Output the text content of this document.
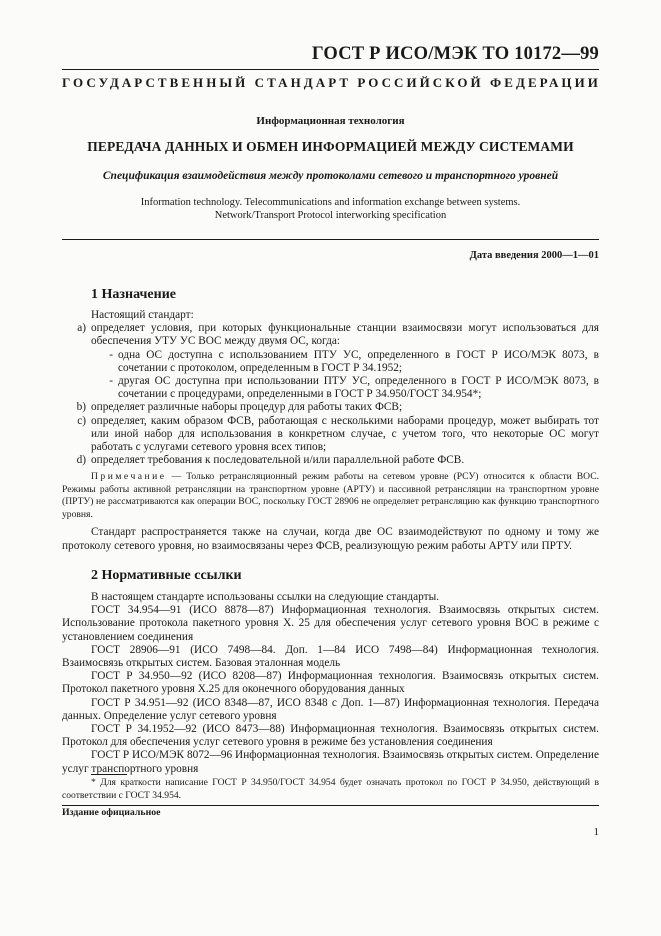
ГОСТ Р ИСО/МЭК ТО 10172—99
ГОСУДАРСТВЕННЫЙ СТАНДАРТ РОССИЙСКОЙ ФЕДЕРАЦИИ
Информационная технология
ПЕРЕДАЧА ДАННЫХ И ОБМЕН ИНФОРМАЦИЕЙ МЕЖДУ СИСТЕМАМИ
Спецификация взаимодействия между протоколами сетевого и транспортного уровней
Information technology. Telecommunications and information exchange between systems.
Network/Transport Protocol interworking specification
Дата введения 2000—1—01
1 Назначение

Настоящий стандарт:

а) определяет условия, при которых функциональные станции взаимосвязи могут использоваться для обеспечения УТУ УС ВОС между двумя ОС, когда:
- одна ОС доступна с использованием ПТУ УС, определенного в ГОСТ Р ИСО/МЭК 8073, в сочетании с протоколом, определенным в ГОСТ Р 34.1952;
- другая ОС доступна при использовании ПТУ УС, определенного в ГОСТ Р ИСО/МЭК 8073, в сочетании с процедурами, определенными в ГОСТ Р 34.950/ГОСТ 34.954*;
b) определяет различные наборы процедур для работы таких ФСВ;
c) определяет, каким образом ФСВ, работающая с несколькими наборами процедур, может выбирать тот или иной набор для использования в конкретном случае, с учетом того, что некоторые ОС могут работать с услугами сетевого уровня всех типов;
d) определяет требования к последовательной и/или параллельной работе ФСВ.

Примечание — Только ретрансляционный режим работы на сетевом уровне (РСУ) относится к области ВОС. Режимы работы активной ретрансляции на транспортном уровне (АРТУ) и пассивной ретрансляции на транспортном уровне (ПРТУ) не рассматриваются как операции ВОС, поскольку ГОСТ 28906 не определяет ретрансляцию как функцию транспортного уровня.

Стандарт распространяется также на случаи, когда две ОС взаимодействуют по одному и тому же протоколу сетевого уровня, но взаимосвязаны через ФСВ, реализующую режим работы АРТУ или ПРТУ.

2 Нормативные ссылки

В настоящем стандарте использованы ссылки на следующие стандарты.

ГОСТ 34.954—91 (ИСО 8878—87) Информационная технология. Взаимосвязь открытых систем. Использование протокола пакетного уровня X. 25 для обеспечения услуг сетевого уровня ВОС в режиме с установлением соединения

ГОСТ 28906—91 (ИСО 7498—84. Доп. 1—84 ИСО 7498—84) Информационная технология. Взаимосвязь открытых систем. Базовая эталонная модель

ГОСТ Р 34.950—92 (ИСО 8208—87) Информационная технология. Взаимосвязь открытых систем. Протокол пакетного уровня Х.25 для оконечного оборудования данных

ГОСТ Р 34.951—92 (ИСО 8348—87, ИСО 8348 с Доп. 1—87) Информационная технология. Передача данных. Определение услуг сетевого уровня

ГОСТ Р 34.1952—92 (ИСО 8473—88) Информационная технология. Взаимосвязь открытых систем. Протокол для обеспечения услуг сетевого уровня в режиме без установления соединения

ГОСТ Р ИСО/МЭК 8072—96 Информационная технология. Взаимосвязь открытых систем. Определение услуг транспортного уровня

* Для краткости написание ГОСТ Р 34.950/ГОСТ 34.954 будет означать протокол по ГОСТ Р 34.950, действующий в соответствии с ГОСТ 34.954.
Издание официальное
1
